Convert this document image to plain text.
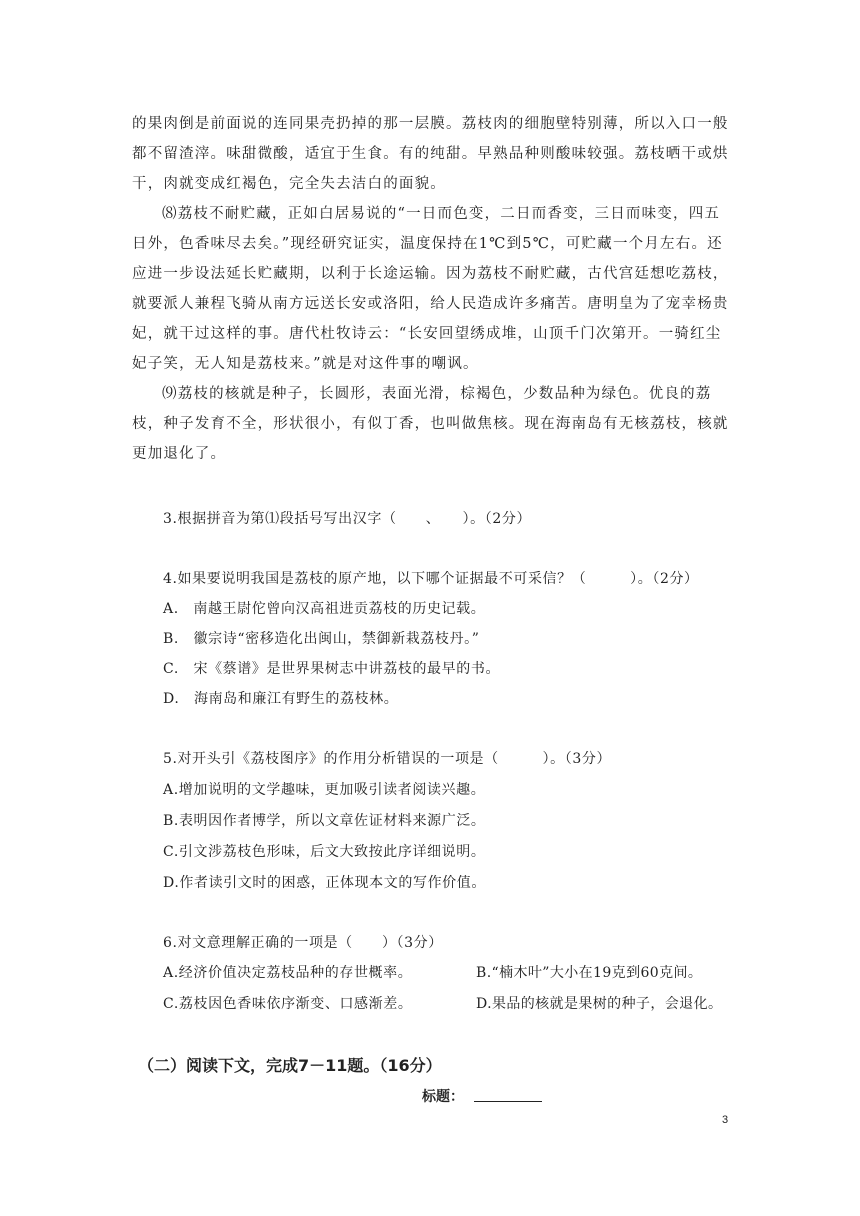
的果肉倒是前面说的连同果壳扔掉的那一层膜。荔枝肉的细胞壁特别薄，所以入口一般都不留渣滓。味甜微酸，适宜于生食。有的纯甜。早熟品种则酸味较强。荔枝晒干或烘干，肉就变成红褐色，完全失去洁白的面貌。
⑻荔枝不耐贮藏，正如白居易说的“一日而色变，二日而香变，三日而味变，四五日外，色香味尽去矣。”现经研究证实，温度保持在1℃到5℃，可贮藏一个月左右。还应进一步设法延长贮藏期，以利于长途运输。因为荔枝不耐贮藏，古代宫廷想吃荔枝，就要派人兼程飞骑从南方远送长安或洛阳，给人民造成许多痛苦。唐明皇为了宠幸杨贵妃，就干过这样的事。唐代杜牧诗云：“长安回望绣成堆，山顶千门次第开。一骑红尘妃子笑，无人知是荔枝来。”就是对这件事的嘲讽。
⑼荔枝的核就是种子，长圆形，表面光滑，棕褐色，少数品种为绿色。优良的荔枝，种子发育不全，形状很小，有似丁香，也叫做焦核。现在海南岛有无核荔枝，核就更加退化了。
3.根据拼音为第⑴段括号写出汉字（　　、　　）。（2分）
4.如果要说明我国是荔枝的原产地，以下哪个证据最不可采信？（　　　）。（2分）
A.　南越王尉佗曾向汉高祖进贡荔枝的历史记载。
B.　徽宗诗“密移造化出闽山，禁御新栽荔枝丹。”
C.　宋《蔡谱》是世界果树志中讲荔枝的最早的书。
D.　海南岛和廉江有野生的荔枝林。
5.对开头引《荔枝图序》的作用分析错误的一项是（　　　）。（3分）
A.增加说明的文学趣味，更加吸引读者阅读兴趣。
B.表明因作者博学，所以文章佐证材料来源广泛。
C.引文涉荔枝色形味，后文大致按此序详细说明。
D.作者读引文时的困惑，正体现本文的写作价值。
6.对文意理解正确的一项是（　　）（3分）
A.经济价值决定荔枝品种的存世概率。	B.“楠木叶”大小在19克到60克间。
C.荔枝因色香味依序渐变、口感渐差。	D.果品的核就是果树的种子，会退化。
（二）阅读下文，完成7－11题。（16分）
标题：
3
